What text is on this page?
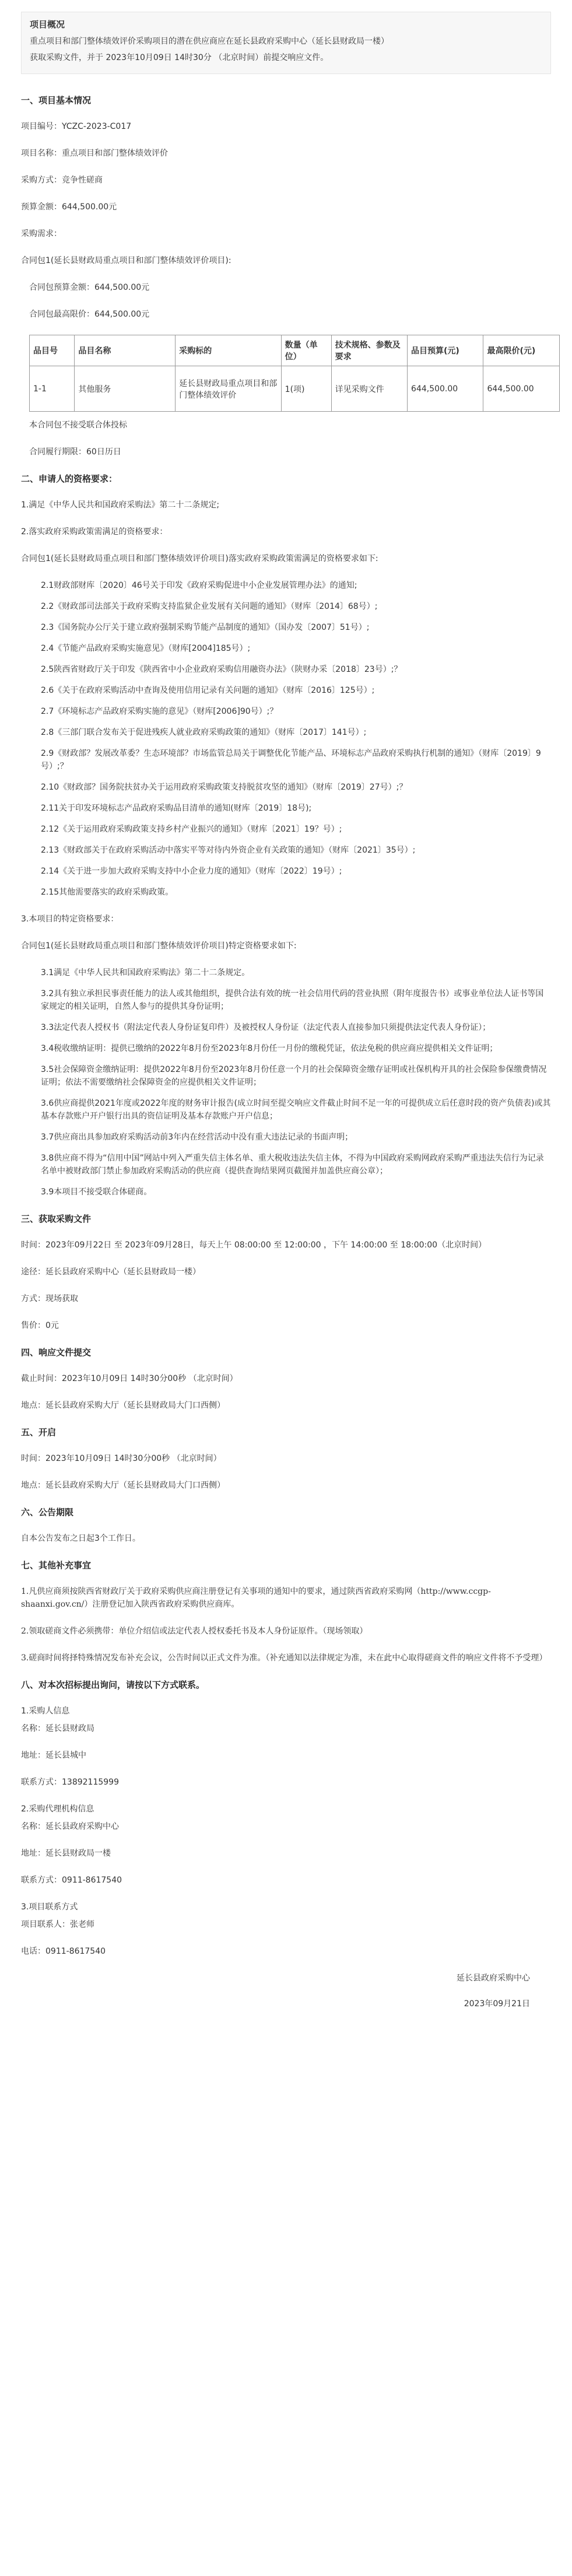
项目概况

重点项目和部门整体绩效评价采购项目的潜在供应商应在延长县政府采购中心（延长县财政局一楼）

获取采购文件，并于 2023年10月09日 14时30分 （北京时间）前提交响应文件。

一、项目基本情况
项目编号：YCZC-2023-C017
项目名称：重点项目和部门整体绩效评价
采购方式：竞争性磋商
预算金额：644,500.00元
采购需求：
合同包1(延长县财政局重点项目和部门整体绩效评价项目):
合同包预算金额：644,500.00元
合同包最高限价：644,500.00元
品目号	品目名称	采购标的	数量（单位）	技术规格、参数及要求	品目预算(元)	最高限价(元)
1-1	其他服务	延长县财政局重点项目和部门整体绩效评价	1(项)	详见采购文件	644,500.00	644,500.00
本合同包不接受联合体投标
合同履行期限：60日历日
二、申请人的资格要求：
1.满足《中华人民共和国政府采购法》第二十二条规定;
2.落实政府采购政策需满足的资格要求：
合同包1(延长县财政局重点项目和部门整体绩效评价项目)落实政府采购政策需满足的资格要求如下:
2.1财政部财库〔2020〕46号关于印发《政府采购促进中小企业发展管理办法》的通知;
2.2《财政部司法部关于政府采购支持监狱企业发展有关问题的通知》（财库〔2014〕68号）;
2.3《国务院办公厅关于建立政府强制采购节能产品制度的通知》（国办发〔2007〕51号）;
2.4《节能产品政府采购实施意见》（财库[2004]185号）;
2.5陕西省财政厅关于印发《陕西省中小企业政府采购信用融资办法》（陕财办采〔2018〕23号）;？
2.6《关于在政府采购活动中查询及使用信用记录有关问题的通知》（财库〔2016〕125号）;
2.7《环境标志产品政府采购实施的意见》（财库[2006]90号）;？
2.8《三部门联合发布关于促进残疾人就业政府采购政策的通知》（财库〔2017〕141号）;
2.9《财政部？发展改革委？生态环境部？市场监管总局关于调整优化节能产品、环境标志产品政府采购执行机制的通知》（财库〔2019〕9号）;？
2.10《财政部？国务院扶贫办关于运用政府采购政策支持脱贫攻坚的通知》（财库〔2019〕27号）;？
2.11关于印发环境标志产品政府采购品目清单的通知(财库〔2019〕18号);
2.12《关于运用政府采购政策支持乡村产业振兴的通知》（财库〔2021〕19？号）;
2.13《财政部关于在政府采购活动中落实平等对待内外资企业有关政策的通知》（财库〔2021〕35号）;
2.14《关于进一步加大政府采购支持中小企业力度的通知》（财库〔2022〕19号）;
2.15其他需要落实的政府采购政策。
3.本项目的特定资格要求：
合同包1(延长县财政局重点项目和部门整体绩效评价项目)特定资格要求如下:
3.1满足《中华人民共和国政府采购法》第二十二条规定。
3.2具有独立承担民事责任能力的法人或其他组织，提供合法有效的统一社会信用代码的营业执照（附年度报告书）或事业单位法人证书等国家规定的相关证明，自然人参与的提供其身份证明；
3.3法定代表人授权书（附法定代表人身份证复印件）及被授权人身份证（法定代表人直接参加只须提供法定代表人身份证）；
3.4税收缴纳证明：提供已缴纳的2022年8月份至2023年8月份任一月份的缴税凭证，依法免税的供应商应提供相关文件证明；
3.5社会保障资金缴纳证明：提供2022年8月份至2023年8月份任意一个月的社会保障资金缴存证明或社保机构开具的社会保险参保缴费情况证明；依法不需要缴纳社会保障资金的应提供相关文件证明；
3.6供应商提供2021年度或2022年度的财务审计报告(成立时间至提交响应文件截止时间不足一年的可提供成立后任意时段的资产负债表)或其基本存款账户开户银行出具的资信证明及基本存款账户开户信息；
3.7供应商出具参加政府采购活动前3年内在经营活动中没有重大违法记录的书面声明；
3.8供应商不得为“信用中国”网站中列入严重失信主体名单、重大税收违法失信主体，不得为中国政府采购网政府采购严重违法失信行为记录名单中被财政部门禁止参加政府采购活动的供应商（提供查询结果网页截图并加盖供应商公章）；
3.9本项目不接受联合体磋商。
三、获取采购文件
时间：2023年09月22日 至 2023年09月28日，每天上午 08:00:00 至 12:00:00 ，下午 14:00:00 至 18:00:00（北京时间）
途径：延长县政府采购中心（延长县财政局一楼）
方式：现场获取
售价：0元
四、响应文件提交
截止时间：2023年10月09日 14时30分00秒 （北京时间）
地点：延长县政府采购大厅（延长县财政局大门口西侧）
五、开启
时间：2023年10月09日 14时30分00秒 （北京时间）
地点：延长县政府采购大厅（延长县财政局大门口西侧）
六、公告期限
自本公告发布之日起3个工作日。
七、其他补充事宜
1.凡供应商须按陕西省财政厅关于政府采购供应商注册登记有关事项的通知中的要求，通过陕西省政府采购网（http://www.ccgp-shaanxi.gov.cn/）注册登记加入陕西省政府采购供应商库。
2.领取磋商文件必须携带：单位介绍信或法定代表人授权委托书及本人身份证原件。（现场领取）
3.磋商时间将择特殊情况发布补充会议，公告时间以正式文件为准。（补充通知以法律规定为准，未在此中心取得磋商文件的响应文件将不予受理）
八、对本次招标提出询问，请按以下方式联系。
1.采购人信息
名称：延长县财政局
地址：延长县城中
联系方式：13892115999
2.采购代理机构信息
名称：延长县政府采购中心
地址：延长县财政局一楼
联系方式：0911-8617540
3.项目联系方式
项目联系人：张老师
电话：0911-8617540
延长县政府采购中心
2023年09月21日
